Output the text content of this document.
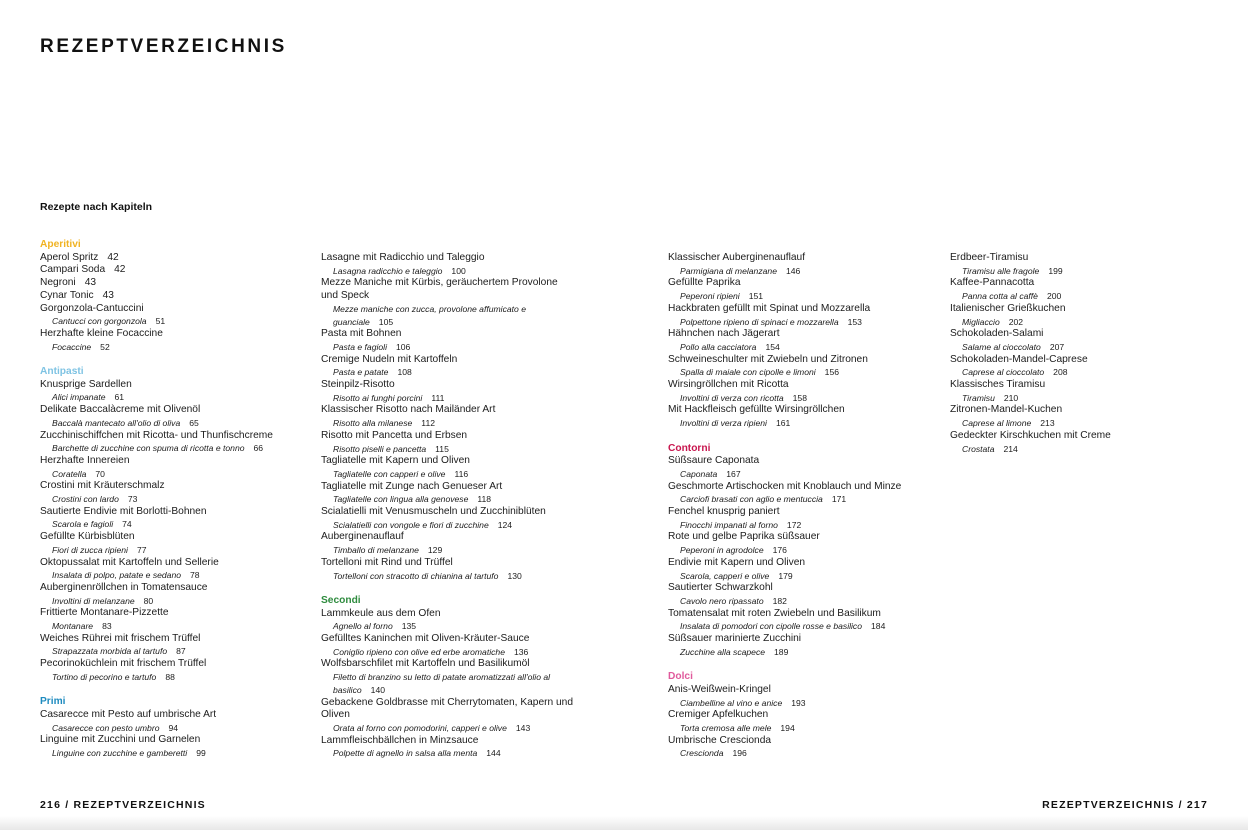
REZEPTVERZEICHNIS
Rezepte nach Kapiteln
Aperitivi
Aperol Spritz 42
Campari Soda 42
Negroni 43
Cynar Tonic 43
Gorgonzola-Cantuccini
Cantucci con gorgonzola 51
Herzhafte kleine Focaccine
Focaccine 52
Antipasti
Knusprige Sardellen
Alici impanate 61
Delikate Baccalàcreme mit Olivenöl
Baccalà mantecato all'olio di oliva 65
Zucchinischiffchen mit Ricotta- und Thunfischcreme
Barchette di zucchine con spuma di ricotta e tonno 66
Herzhafte Innereien
Coratella 70
Crostini mit Kräuterschmalz
Crostini con lardo 73
Sautierte Endivie mit Borlotti-Bohnen
Scarola e fagioli 74
Gefüllte Kürbisblüten
Fiori di zucca ripieni 77
Oktopussalat mit Kartoffeln und Sellerie
Insalata di polpo, patate e sedano 78
Auberginenröllchen in Tomatensauce
Involtini di melanzane 80
Frittierte Montanare-Pizzette
Montanare 83
Weiches Rührei mit frischem Trüffel
Strapazzata morbida al tartufo 87
Pecorinoküchlein mit frischem Trüffel
Tortino di pecorino e tartufo 88
Primi
Casarecce mit Pesto auf umbrische Art
Casarecce con pesto umbro 94
Linguine mit Zucchini und Garnelen
Linguine con zucchine e gamberetti 99
Lasagne mit Radicchio und Taleggio
Lasagna radicchio e taleggio 100
Mezze Maniche mit Kürbis, geräuchertem Provolone und Speck
Mezze maniche con zucca, provolone affumicato e guanciale 105
Pasta mit Bohnen
Pasta e fagioli 106
Cremige Nudeln mit Kartoffeln
Pasta e patate 108
Steinpilz-Risotto
Risotto ai funghi porcini 111
Klassischer Risotto nach Mailänder Art
Risotto alla milanese 112
Risotto mit Pancetta und Erbsen
Risotto piselli e pancetta 115
Tagliatelle mit Kapern und Oliven
Tagliatelle con capperi e olive 116
Tagliatelle mit Zunge nach Genueser Art
Tagliatelle con lingua alla genovese 118
Scialatielli mit Venusmuscheln und Zucchiniblüten
Scialatielli con vongole e fiori di zucchine 124
Auberginenauflauf
Timballo di melanzane 129
Tortelloni mit Rind und Trüffel
Tortelloni con stracotto di chianina al tartufo 130
Secondi
Lammkeule aus dem Ofen
Agnello al forno 135
Gefülltes Kaninchen mit Oliven-Kräuter-Sauce
Coniglio ripieno con olive ed erbe aromatiche 136
Wolfsbarschfilet mit Kartoffeln und Basilikumöl
Filetto di branzino su letto di patate aromatizzati all'olio al basilico 140
Gebackene Goldbrasse mit Cherrytomaten, Kapern und Oliven
Orata al forno con pomodorini, capperi e olive 143
Lammfleischbällchen in Minzsauce
Polpette di agnello in salsa alla menta 144
Klassischer Auberginenauflauf
Parmigiana di melanzane 146
Gefüllte Paprika
Peperoni ripieni 151
Hackbraten gefüllt mit Spinat und Mozzarella
Polpettone ripieno di spinaci e mozzarella 153
Hähnchen nach Jägerart
Pollo alla cacciatora 154
Schweineschulter mit Zwiebeln und Zitronen
Spalla di maiale con cipolle e limoni 156
Wirsingröllchen mit Ricotta
Involtini di verza con ricotta 158
Mit Hackfleisch gefüllte Wirsingröllchen
Involtini di verza ripieni 161
Contorni
Süßsaure Caponata
Caponata 167
Geschmorte Artischocken mit Knoblauch und Minze
Carciofi brasati con aglio e mentuccia 171
Fenchel knusprig paniert
Finocchi impanati al forno 172
Rote und gelbe Paprika süßsauer
Peperoni in agrodolce 176
Endivie mit Kapern und Oliven
Scarola, capperi e olive 179
Sautierter Schwarzkohl
Cavolo nero ripassato 182
Tomatensalat mit roten Zwiebeln und Basilikum
Insalata di pomodori con cipolle rosse e basilico 184
Süßsauer marinierte Zucchini
Zucchine alla scapece 189
Dolci
Anis-Weißwein-Kringel
Ciambelline al vino e anice 193
Cremiger Apfelkuchen
Torta cremosa alle mele 194
Umbrische Crescionda
Crescionda 196
Erdbeer-Tiramisu
Tiramisu alle fragole 199
Kaffee-Pannacotta
Panna cotta al caffè 200
Italienischer Grießkuchen
Migliaccio 202
Schokoladen-Salami
Salame al cioccolato 207
Schokoladen-Mandel-Caprese
Caprese al cioccolato 208
Klassisches Tiramisu
Tiramisu 210
Zitronen-Mandel-Kuchen
Caprese al limone 213
Gedeckter Kirschkuchen mit Creme
Crostata 214
216 / REZEPTVERZEICHNIS	REZEPTVERZEICHNIS / 217
